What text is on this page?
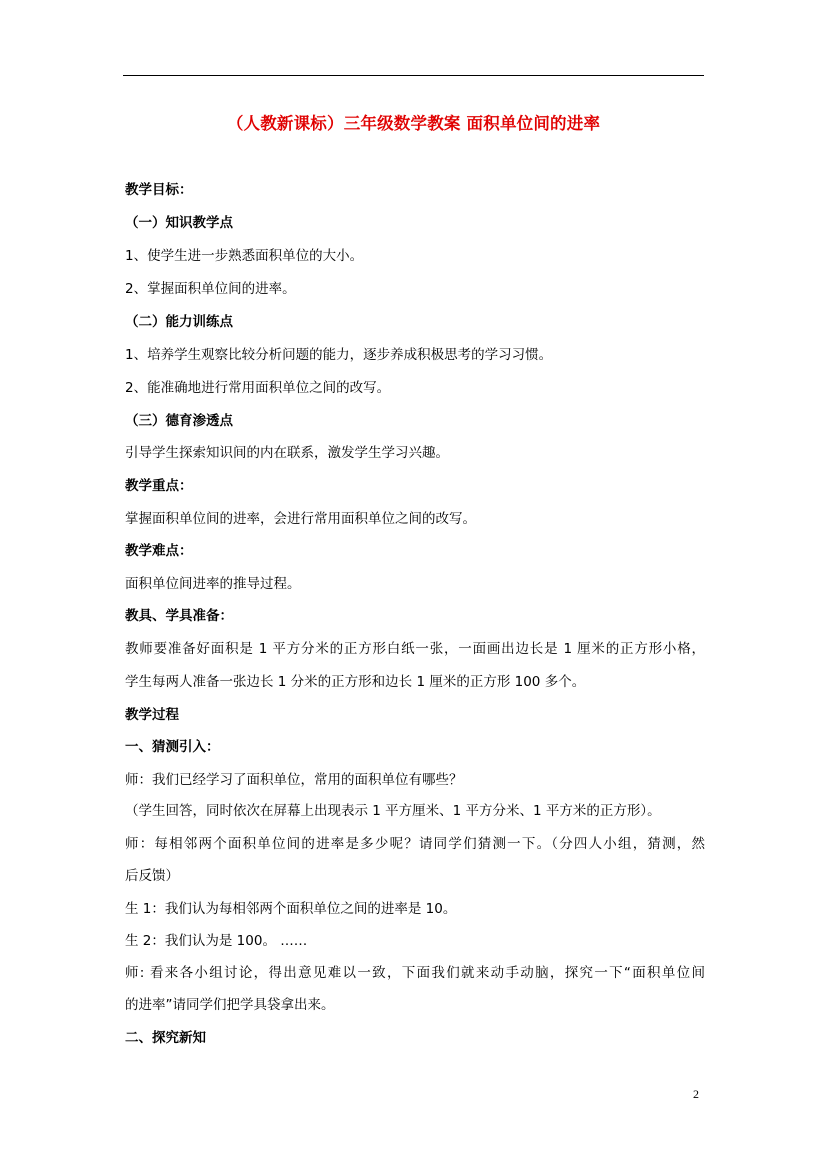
（人教新课标）三年级数学教案 面积单位间的进率
教学目标：
（一）知识教学点
1、使学生进一步熟悉面积单位的大小。
2、掌握面积单位间的进率。
（二）能力训练点
1、培养学生观察比较分析问题的能力，逐步养成积极思考的学习习惯。
2、能准确地进行常用面积单位之间的改写。
（三）德育渗透点
引导学生探索知识间的内在联系，激发学生学习兴趣。
教学重点：
掌握面积单位间的进率，会进行常用面积单位之间的改写。
教学难点：
面积单位间进率的推导过程。
教具、学具准备：
教师要准备好面积是 1 平方分米的正方形白纸一张，一面画出边长是 1 厘米的正方形小格，
学生每两人准备一张边长 1 分米的正方形和边长 1 厘米的正方形 100 多个。
教学过程
一、猜测引入：
师：我们已经学习了面积单位，常用的面积单位有哪些？
（学生回答，同时依次在屏幕上出现表示 1 平方厘米、1 平方分米、1 平方米的正方形）。
师：每相邻两个面积单位间的进率是多少呢？请同学们猜测一下。（分四人小组，猜测，然
后反馈）
生 1：我们认为每相邻两个面积单位之间的进率是 10。
生 2：我们认为是 100。 ……
师: 看来各小组讨论，得出意见难以一致，下面我们就来动手动脑，探究一下“面积单位间
的进率”请同学们把学具袋拿出来。
二、探究新知
2
